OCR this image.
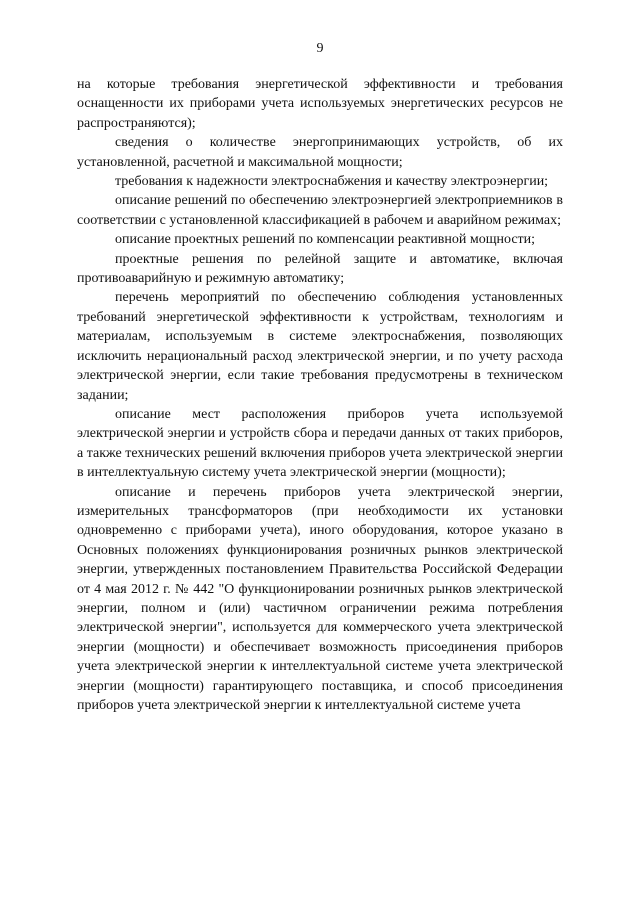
9

на которые требования энергетической эффективности и требования оснащенности их приборами учета используемых энергетических ресурсов не распространяются);

сведения о количестве энергопринимающих устройств, об их установленной, расчетной и максимальной мощности;

требования к надежности электроснабжения и качеству электроэнергии;

описание решений по обеспечению электроэнергией электроприемников в соответствии с установленной классификацией в рабочем и аварийном режимах;

описание проектных решений по компенсации реактивной мощности;

проектные решения по релейной защите и автоматике, включая противоаварийную и режимную автоматику;

перечень мероприятий по обеспечению соблюдения установленных требований энергетической эффективности к устройствам, технологиям и материалам, используемым в системе электроснабжения, позволяющих исключить нерациональный расход электрической энергии, и по учету расхода электрической энергии, если такие требования предусмотрены в техническом задании;

описание мест расположения приборов учета используемой электрической энергии и устройств сбора и передачи данных от таких приборов, а также технических решений включения приборов учета электрической энергии в интеллектуальную систему учета электрической энергии (мощности);

описание и перечень приборов учета электрической энергии, измерительных трансформаторов (при необходимости их установки одновременно с приборами учета), иного оборудования, которое указано в Основных положениях функционирования розничных рынков электрической энергии, утвержденных постановлением Правительства Российской Федерации от 4 мая 2012 г. № 442 "О функционировании розничных рынков электрической энергии, полном и (или) частичном ограничении режима потребления электрической энергии", используется для коммерческого учета электрической энергии (мощности) и обеспечивает возможность присоединения приборов учета электрической энергии к интеллектуальной системе учета электрической энергии (мощности) гарантирующего поставщика, и способ присоединения приборов учета электрической энергии к интеллектуальной системе учета
